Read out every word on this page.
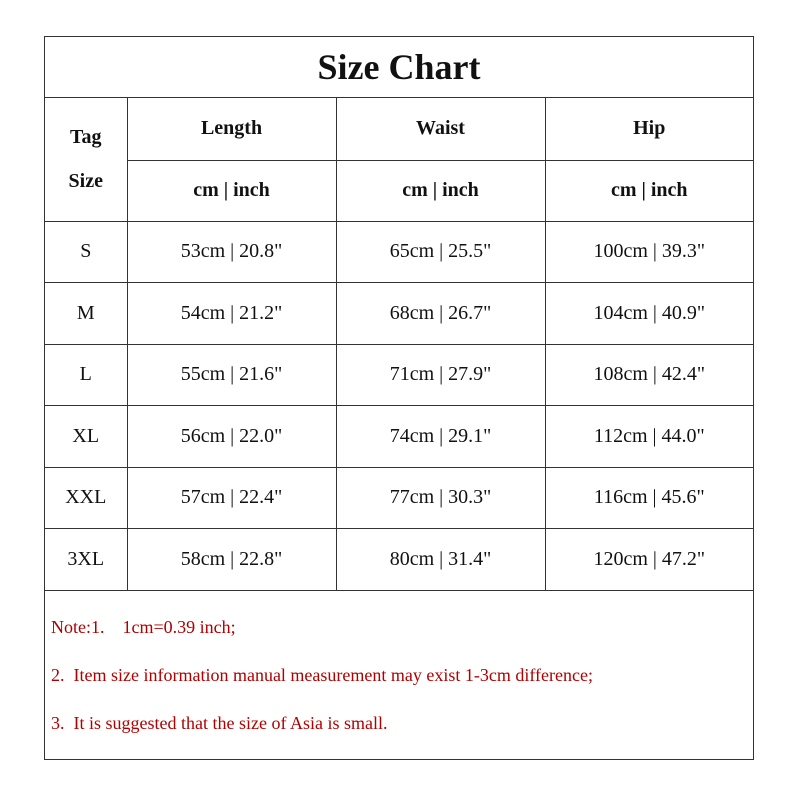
Size Chart
Tag
Size	Length	Waist	Hip
	cm | inch	cm | inch	cm | inch
S	53cm | 20.8"	65cm | 25.5"	100cm | 39.3"
M	54cm | 21.2"	68cm | 26.7"	104cm | 40.9"
L	55cm | 21.6"	71cm | 27.9"	108cm | 42.4"
XL	56cm | 22.0"	74cm | 29.1"	112cm | 44.0"
XXL	57cm | 22.4"	77cm | 30.3"	116cm | 45.6"
3XL	58cm | 22.8"	80cm | 31.4"	120cm | 47.2"
Note:1.    1cm=0.39 inch;
2.  Item size information manual measurement may exist 1-3cm difference;
3.  It is suggested that the size of Asia is small.
